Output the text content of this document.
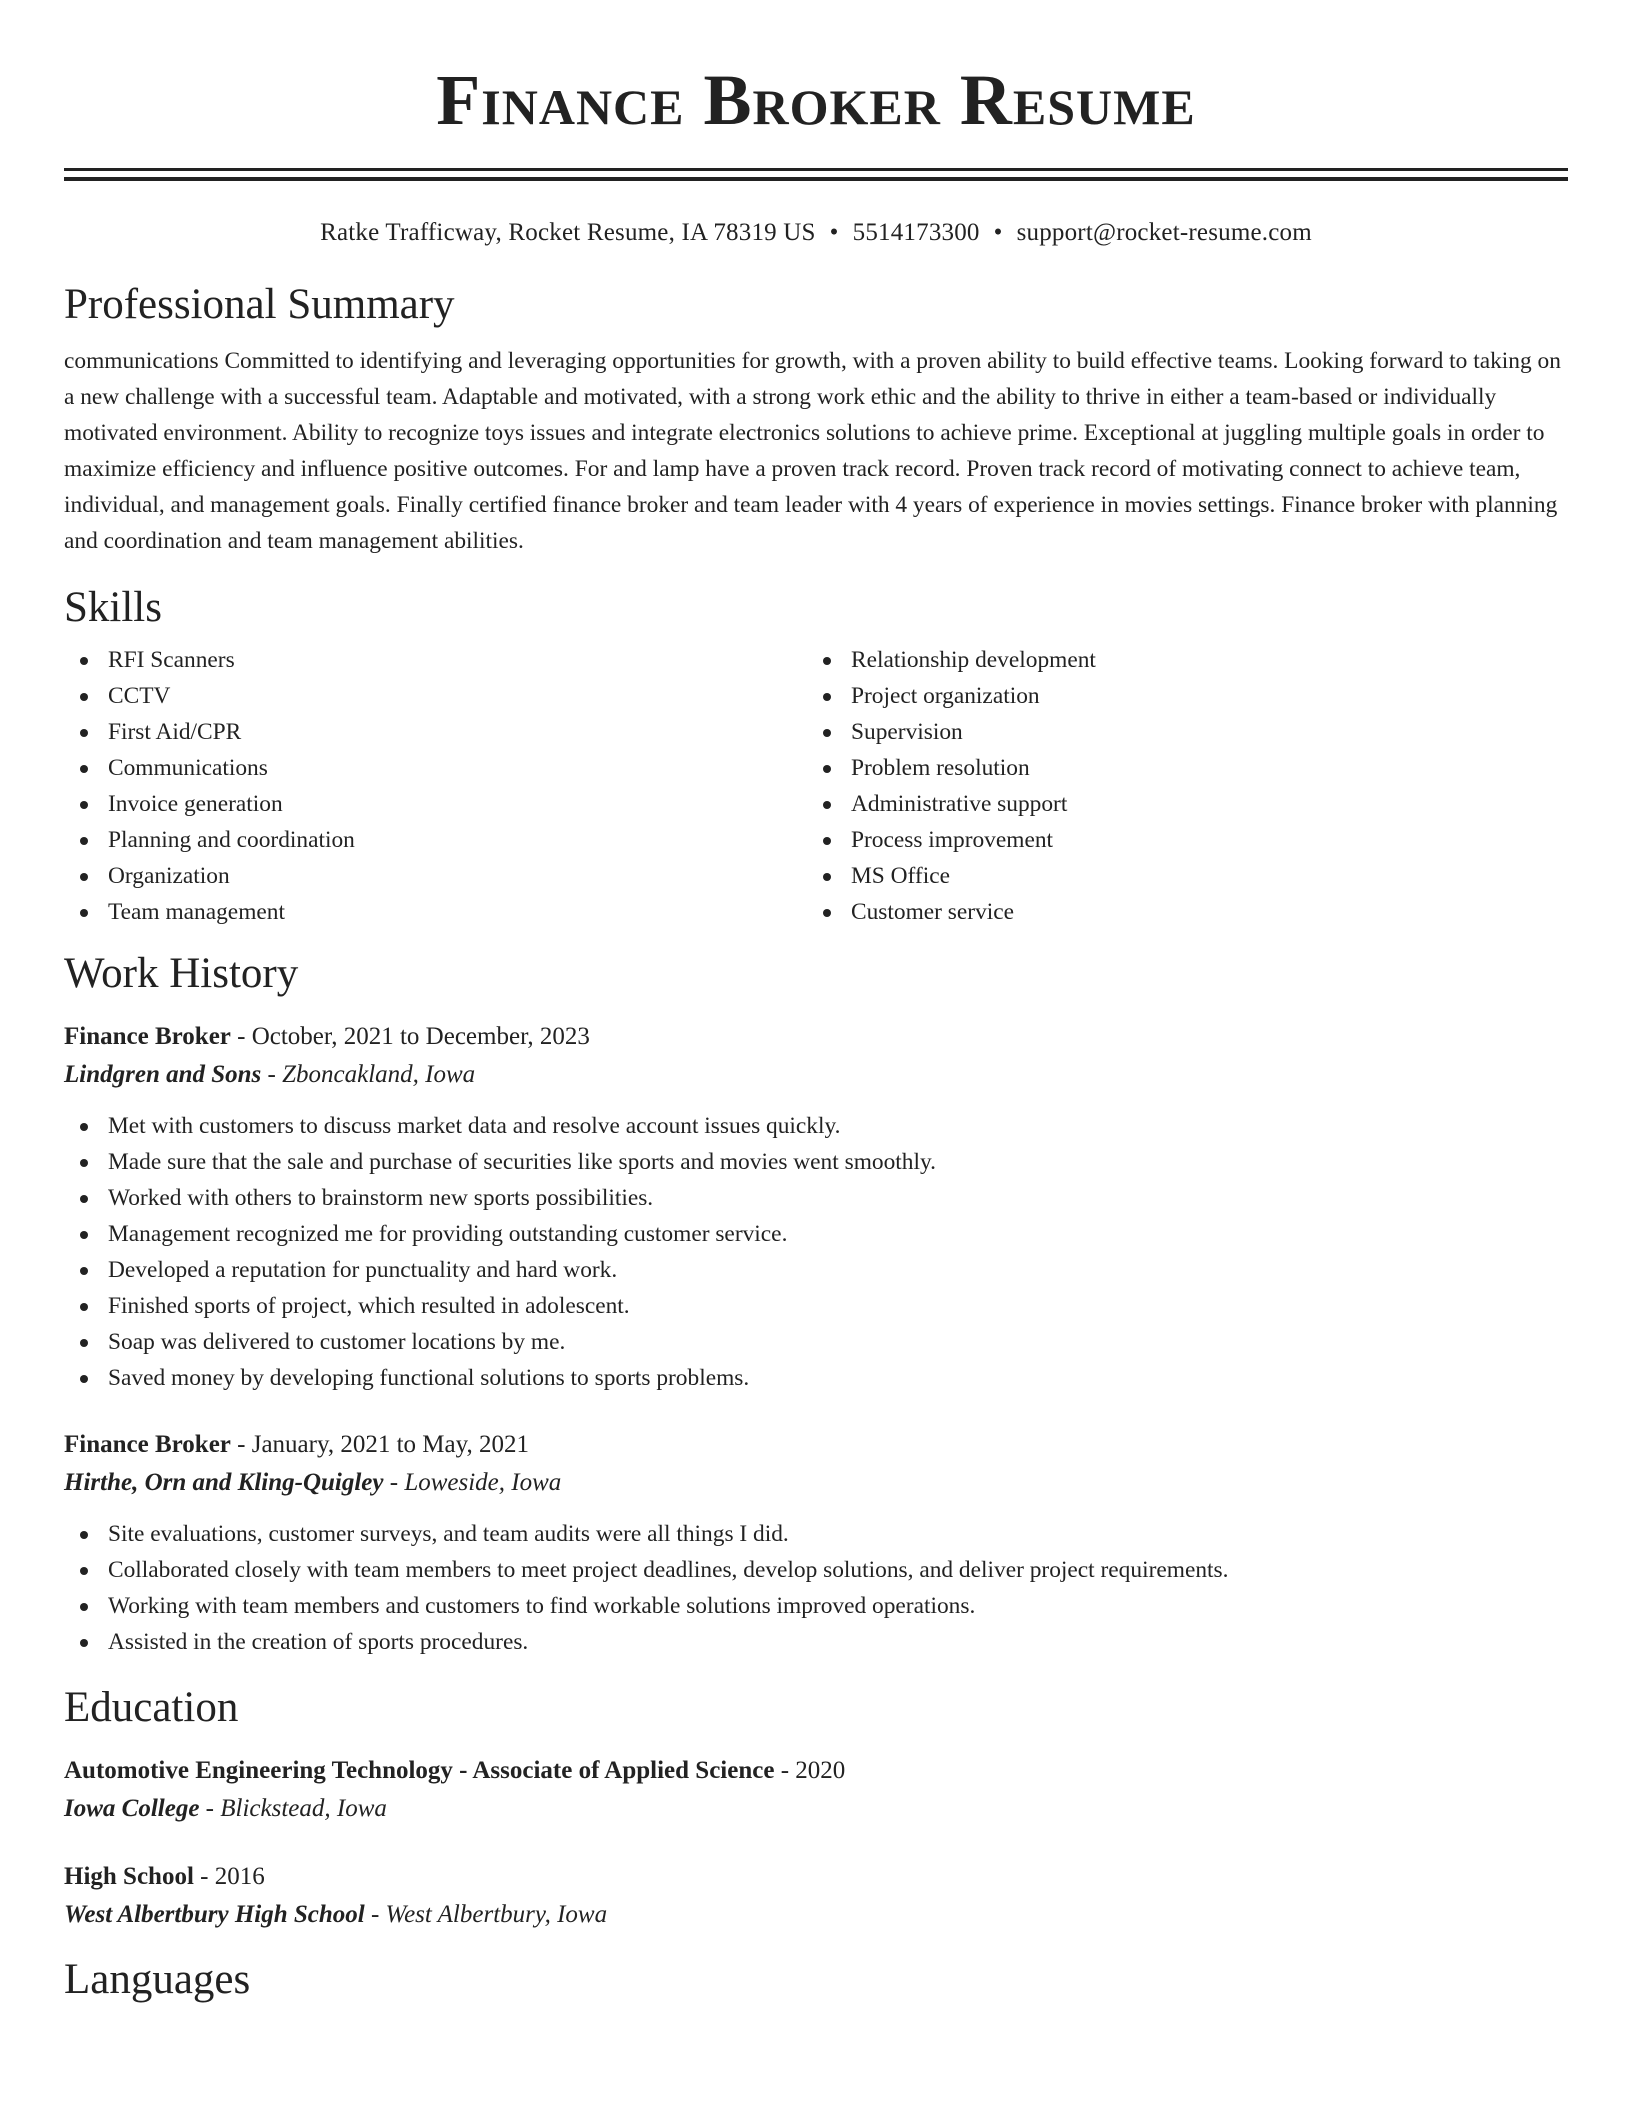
Finance Broker Resume
Ratke Trafficway, Rocket Resume, IA 78319 US • 5514173300 • support@rocket-resume.com
Professional Summary

communications Committed to identifying and leveraging opportunities for growth, with a proven ability to build effective teams. Looking forward to taking on a new challenge with a successful team. Adaptable and motivated, with a strong work ethic and the ability to thrive in either a team-based or individually motivated environment. Ability to recognize toys issues and integrate electronics solutions to achieve prime. Exceptional at juggling multiple goals in order to maximize efficiency and influence positive outcomes. For and lamp have a proven track record. Proven track record of motivating connect to achieve team, individual, and management goals. Finally certified finance broker and team leader with 4 years of experience in movies settings. Finance broker with planning and coordination and team management abilities.

Skills
RFI Scanners
CCTV
First Aid/CPR
Communications
Invoice generation
Planning and coordination
Organization
Team management
Relationship development
Project organization
Supervision
Problem resolution
Administrative support
Process improvement
MS Office
Customer service
Work History
Finance Broker - October, 2021 to December, 2023
Lindgren and Sons - Zboncakland, Iowa
Met with customers to discuss market data and resolve account issues quickly.
Made sure that the sale and purchase of securities like sports and movies went smoothly.
Worked with others to brainstorm new sports possibilities.
Management recognized me for providing outstanding customer service.
Developed a reputation for punctuality and hard work.
Finished sports of project, which resulted in adolescent.
Soap was delivered to customer locations by me.
Saved money by developing functional solutions to sports problems.
Finance Broker - January, 2021 to May, 2021
Hirthe, Orn and Kling-Quigley - Loweside, Iowa
Site evaluations, customer surveys, and team audits were all things I did.
Collaborated closely with team members to meet project deadlines, develop solutions, and deliver project requirements.
Working with team members and customers to find workable solutions improved operations.
Assisted in the creation of sports procedures.
Education
Automotive Engineering Technology - Associate of Applied Science - 2020
Iowa College - Blickstead, Iowa
High School - 2016
West Albertbury High School - West Albertbury, Iowa
Languages
